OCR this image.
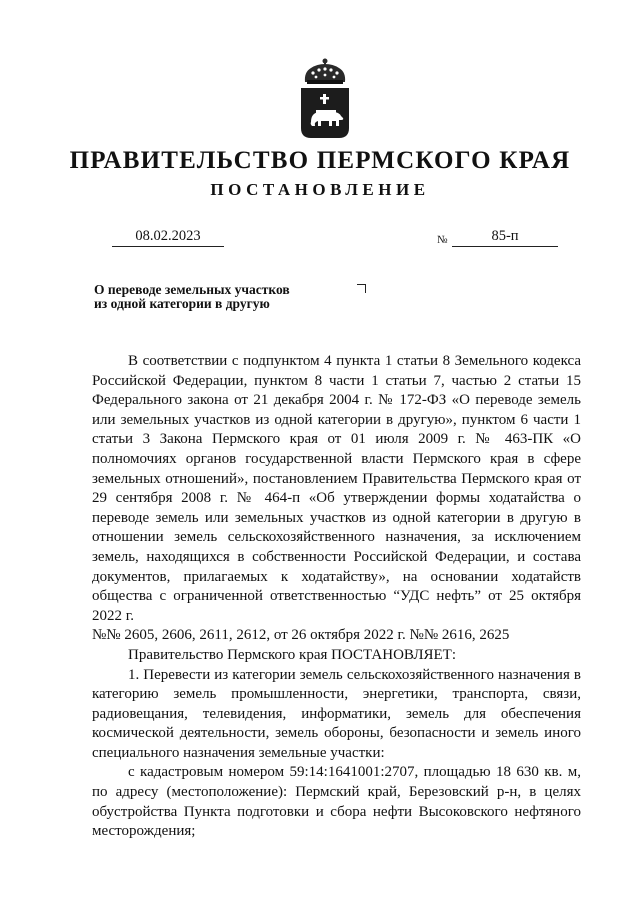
ПРАВИТЕЛЬСТВО ПЕРМСКОГО КРАЯ
ПОСТАНОВЛЕНИЕ
08.02.2023	№	85-п
О переводе земельных участков
из одной категории в другую

В соответствии с подпунктом 4 пункта 1 статьи 8 Земельного кодекса Российской Федерации, пунктом 8 части 1 статьи 7, частью 2 статьи 15 Федерального закона от 21 декабря 2004 г. № 172-ФЗ «О переводе земель или земельных участков из одной категории в другую», пунктом 6 части 1 статьи 3 Закона Пермского края от 01 июля 2009 г. № 463-ПК «О полномочиях органов государственной власти Пермского края в сфере земельных отношений», постановлением Правительства Пермского края от 29 сентября 2008 г. № 464-п «Об утверждении формы ходатайства о переводе земель или земельных участков из одной категории в другую в отношении земель сельскохозяйственного назначения, за исключением земель, находящихся в собственности Российской Федерации, и состава документов, прилагаемых к ходатайству», на основании ходатайств общества с ограниченной ответственностью “УДС нефть” от 25 октября 2022 г.

№№ 2605, 2606, 2611, 2612, от 26 октября 2022 г. №№ 2616, 2625

Правительство Пермского края ПОСТАНОВЛЯЕТ:

1. Перевести из категории земель сельскохозяйственного назначения в категорию земель промышленности, энергетики, транспорта, связи, радиовещания, телевидения, информатики, земель для обеспечения космической деятельности, земель обороны, безопасности и земель иного специального назначения земельные участки:

с кадастровым номером 59:14:1641001:2707, площадью 18 630 кв. м, по адресу (местоположение): Пермский край, Березовский р-н, в целях обустройства Пункта подготовки и сбора нефти Высоковского нефтяного месторождения;
